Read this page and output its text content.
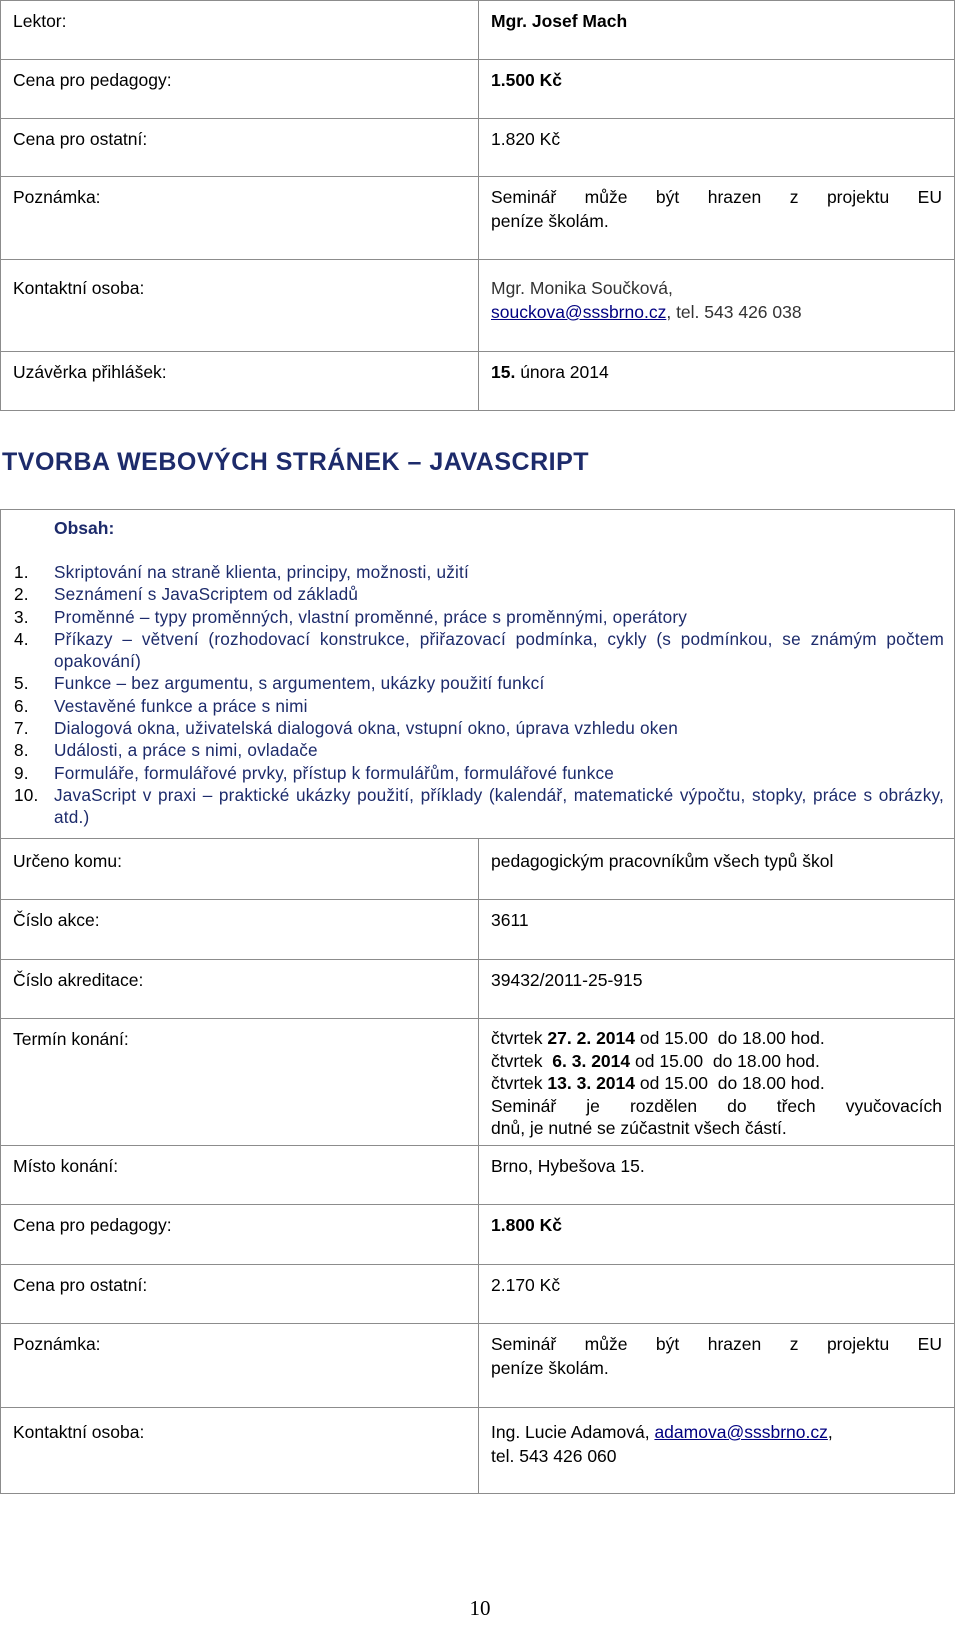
Lektor:	Mgr. Josef Mach
Cena pro pedagogy:	1.500 Kč
Cena pro ostatní:	1.820 Kč
Poznámka:	Seminář může být hrazen z projektu EU
peníze školám.

Kontaktní osoba:	Mgr. Monika Součková,
souckova@sssbrno.cz, tel. 543 426 038

Uzávěrka přihlášek:	15. února 2014
TVORBA WEBOVÝCH STRÁNEK – JAVASCRIPT
Obsah:
1. Skriptování na straně klienta, principy, možnosti, užití
2. Seznámení s JavaScriptem od základů
3. Proměnné – typy proměnných, vlastní proměnné, práce s proměnnými, operátory
4. Příkazy – větvení (rozhodovací konstrukce, přiřazovací podmínka, cykly (s podmínkou, se známým počtem opakování)
5. Funkce – bez argumentu, s argumentem, ukázky použití funkcí
6. Vestavěné funkce a práce s nimi
7. Dialogová okna, uživatelská dialogová okna, vstupní okno, úprava vzhledu oken
8. Události, a práce s nimi, ovladače
9. Formuláře, formulářové prvky, přístup k formulářům, formulářové funkce
10. JavaScript v praxi – praktické ukázky použití, příklady (kalendář, matematické výpočtu, stopky, práce s obrázky, atd.)
Určeno komu:	pedagogickým pracovníkům všech typů škol
Číslo akce:	3611
Číslo akreditace:	39432/2011-25-915
Termín konání:	čtvrtek 27. 2. 2014 od 15.00  do 18.00 hod.
čtvrtek 6. 3. 2014 od 15.00  do 18.00 hod.
čtvrtek 13. 3. 2014 od 15.00  do 18.00 hod.
Seminář je rozdělen do třech vyučovacích
dnů, je nutné se zúčastnit všech částí.

Místo konání:	Brno, Hybešova 15.
Cena pro pedagogy:	1.800 Kč
Cena pro ostatní:	2.170 Kč
Poznámka:	Seminář může být hrazen z projektu EU
peníze školám.

Kontaktní osoba:	Ing. Lucie Adamová, adamova@sssbrno.cz,
tel. 543 426 060
10
